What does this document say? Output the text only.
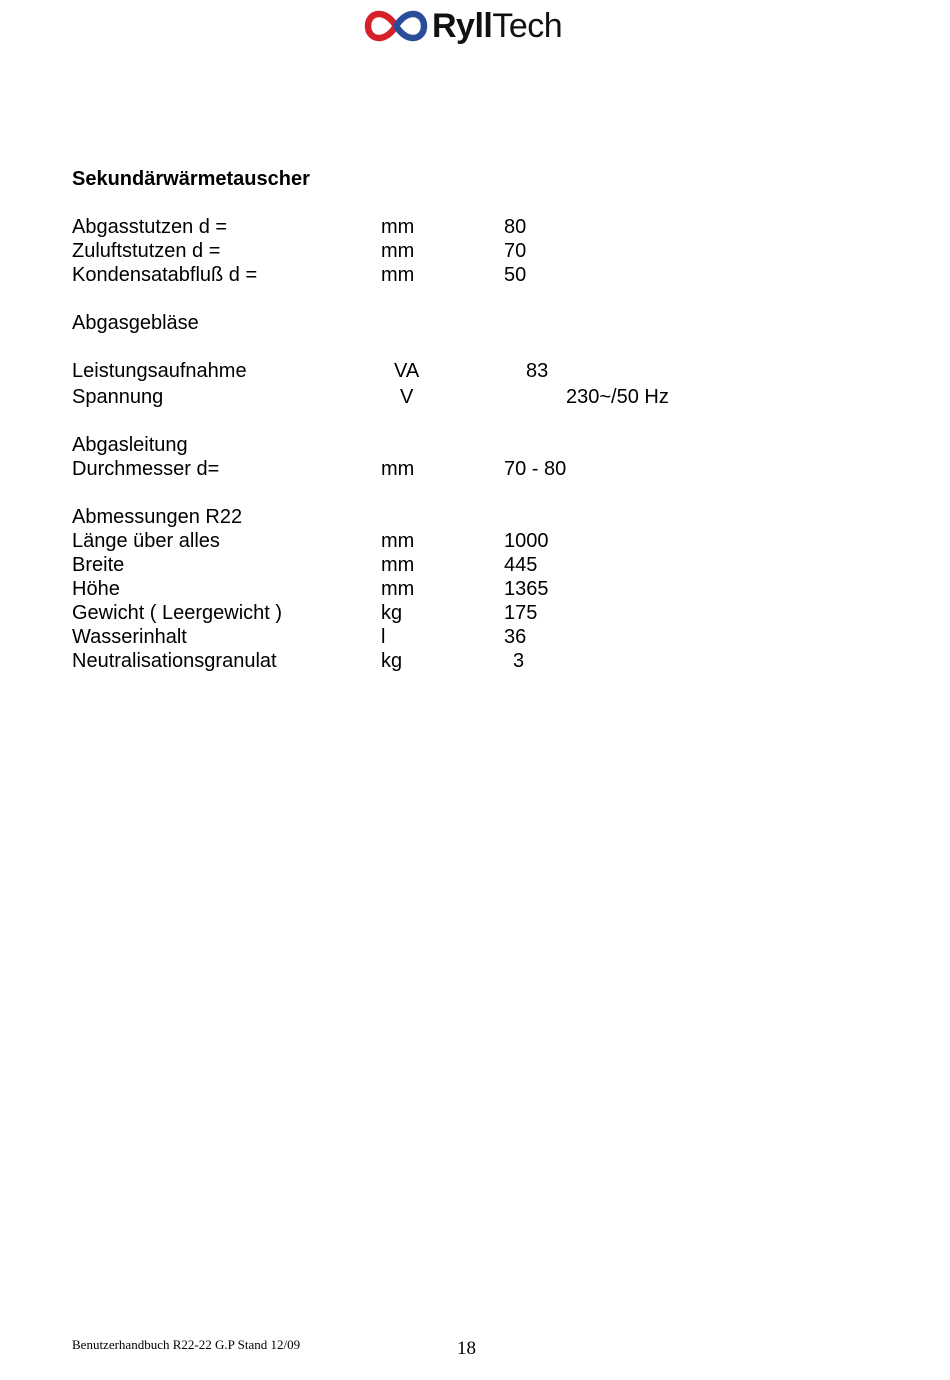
RyllTech
Sekundärwärmetauscher
Abgasstutzen d =	mm	80
Zuluftstutzen d =	mm	70
Kondensatabfluß d =	mm	50
Abgasgebläse
Leistungsaufnahme	VA	83
Spannung	V	230~/50 Hz
Abgasleitung
Durchmesser d=	mm	70 - 80
Abmessungen R22
Länge über alles	mm	1000
Breite	mm	445
Höhe	mm	1365
Gewicht ( Leergewicht )	kg	175
Wasserinhalt	l	36
Neutralisationsgranulat	kg	3
Benutzerhandbuch R22-22 G.P Stand 12/09	18
